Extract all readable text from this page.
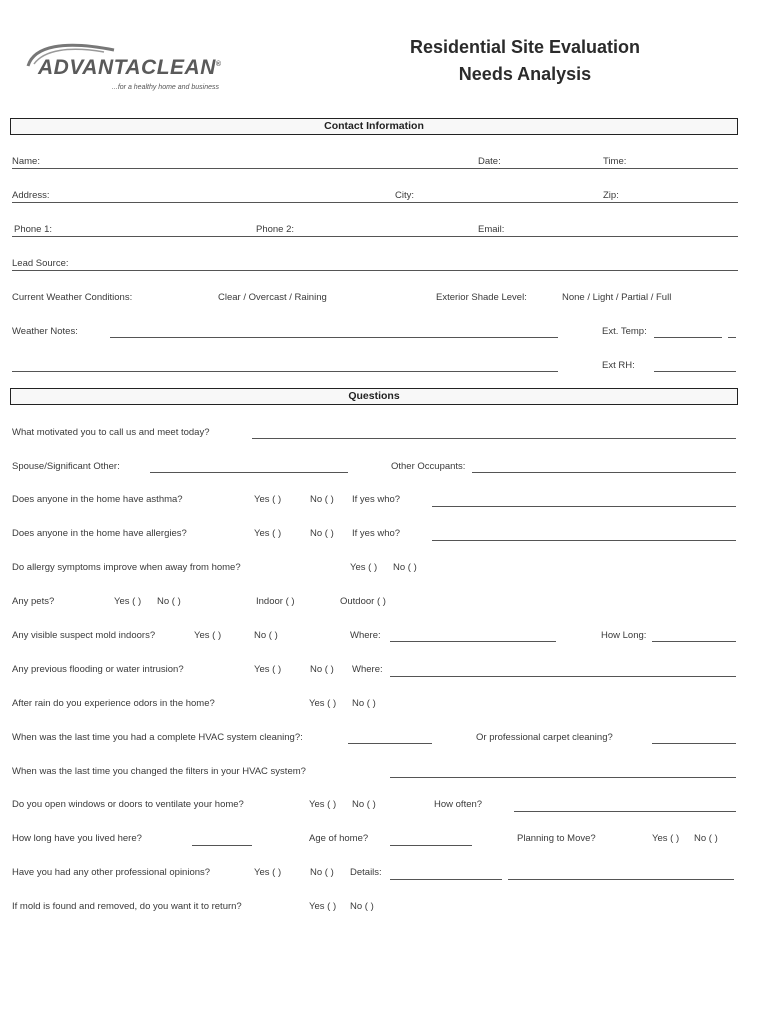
ADVANTACLEAN®
...for a healthy home and business
Residential Site Evaluation
Needs Analysis
Contact Information
Name:	Date:	Time:
Address:	City:	Zip:
Phone 1:	Phone 2:	Email:
Lead Source:
Current Weather Conditions:	Clear / Overcast / Raining	Exterior Shade Level:	None / Light / Partial / Full
Weather Notes:	Ext. Temp:
Ext RH:
Questions
What motivated you to call us and meet today?
Spouse/Significant Other:	Other Occupants:
Does anyone in the home have asthma?	Yes ( )	No ( ) If yes who?
Does anyone in the home have allergies?	Yes ( )	No ( ) If yes who?
Do allergy symptoms improve when away from home?	Yes ( ) No ( )
Any pets?	Yes ( ) No ( )	Indoor ( )	Outdoor ( )
Any visible suspect mold indoors?	Yes ( )	No ( )	Where:	How Long:
Any previous flooding or water intrusion?	Yes ( )	No ( ) Where:
After rain do you experience odors in the home?	Yes ( ) No ( )
When was the last time you had a complete HVAC system cleaning?:	Or professional carpet cleaning?
When was the last time you changed the filters in your HVAC system?
Do you open windows or doors to ventilate your home?	Yes ( ) No ( )	How often?
How long have you lived here?	Age of home?	Planning to Move?	Yes ( ) No ( )
Have you had any other professional opinions?	Yes ( )	No ( ) Details:
If mold is found and removed, do you want it to return?	Yes ( ) No ( )
